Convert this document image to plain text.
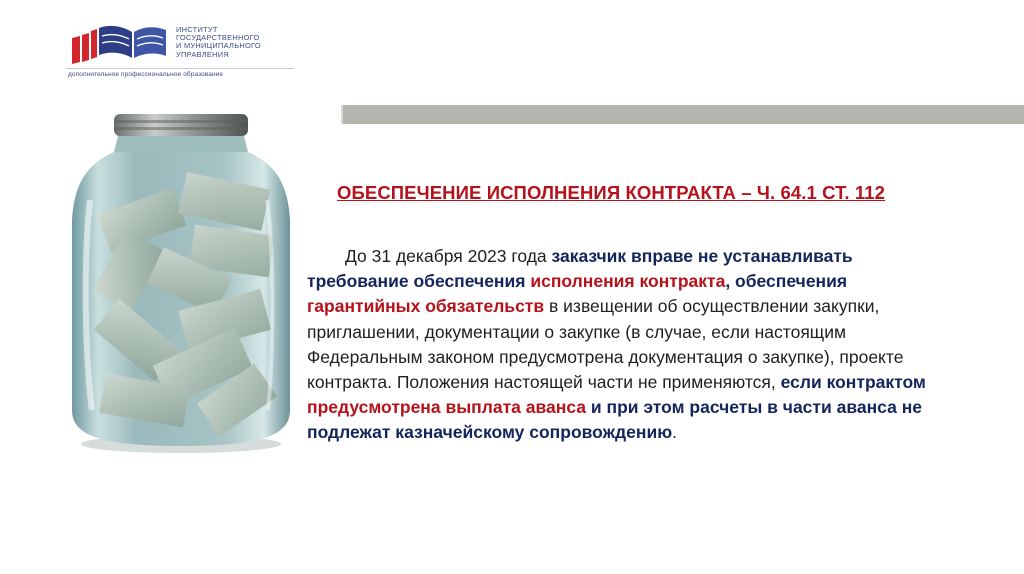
ИНСТИТУТ
ГОСУДАРСТВЕННОГО
И МУНИЦИПАЛЬНОГО
УПРАВЛЕНИЯ
дополнительное профессиональное образование
ОБЕСПЕЧЕНИЕ ИСПОЛНЕНИЯ КОНТРАКТА – Ч. 64.1 СТ. 112
До 31 декабря 2023 года заказчик вправе не устанавливать
требование обеспечения исполнения контракта, обеспечения
гарантийных обязательств в извещении об осуществлении закупки,
приглашении, документации о закупке (в случае, если настоящим
Федеральным законом предусмотрена документация о закупке), проекте
контракта. Положения настоящей части не применяются, если контрактом
предусмотрена выплата аванса и при этом расчеты в части аванса не
подлежат казначейскому сопровождению.
